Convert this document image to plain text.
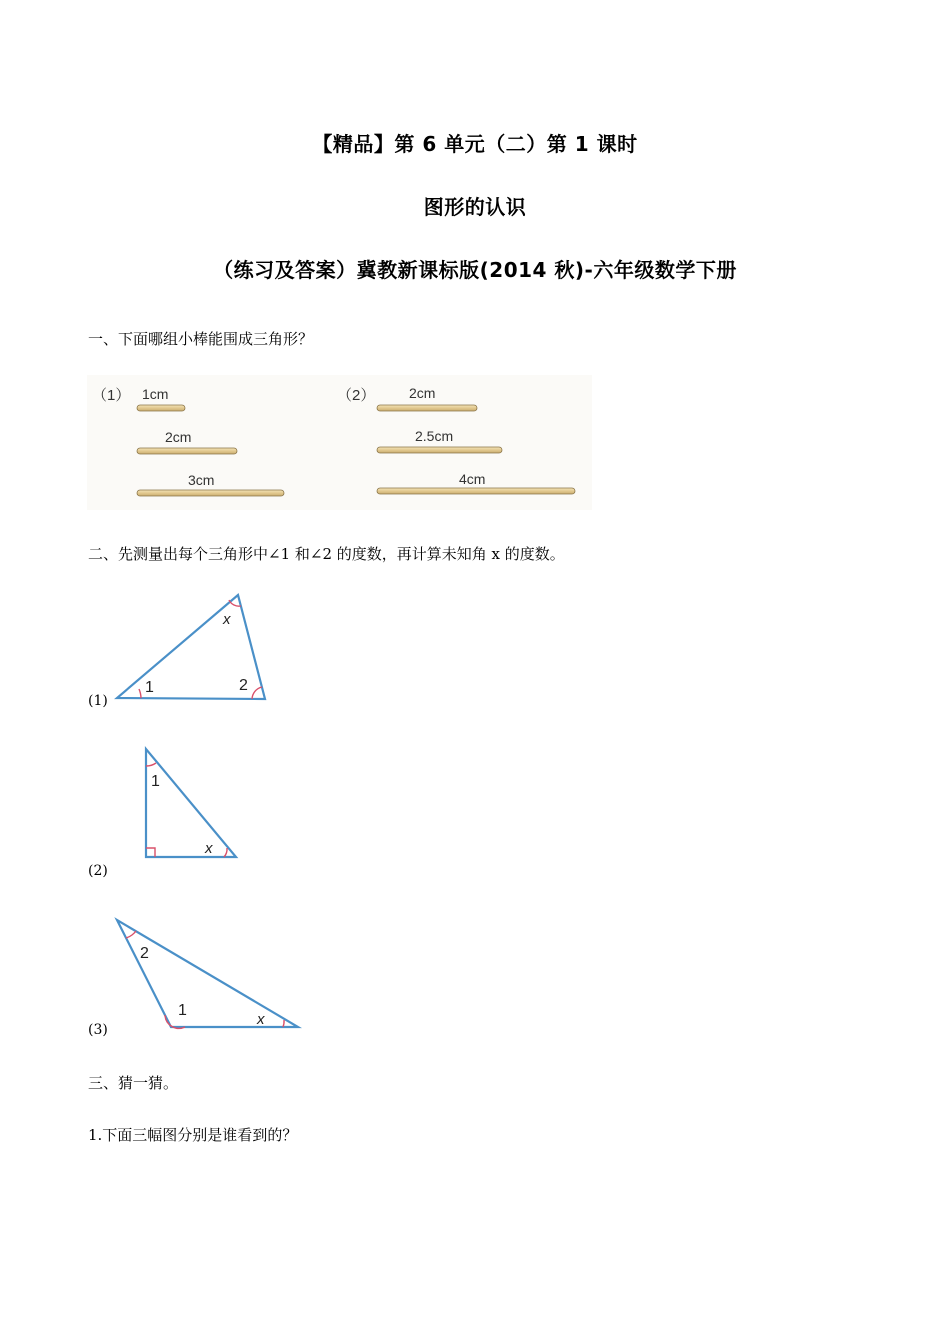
【精品】第 6 单元（二）第 1 课时
图形的认识
（练习及答案）冀教新课标版(2014 秋)-六年级数学下册
一、下面哪组小棒能围成三角形？
（1） 1cm
2cm
3cm
（2） 2cm
2.5cm
4cm
二、先测量出每个三角形中∠1 和∠2 的度数，再计算未知角 x 的度数。
(1)
1	2
x
(2)
1
x
(3)
2
1
x
三、猜一猜。
1.下面三幅图分别是谁看到的？
